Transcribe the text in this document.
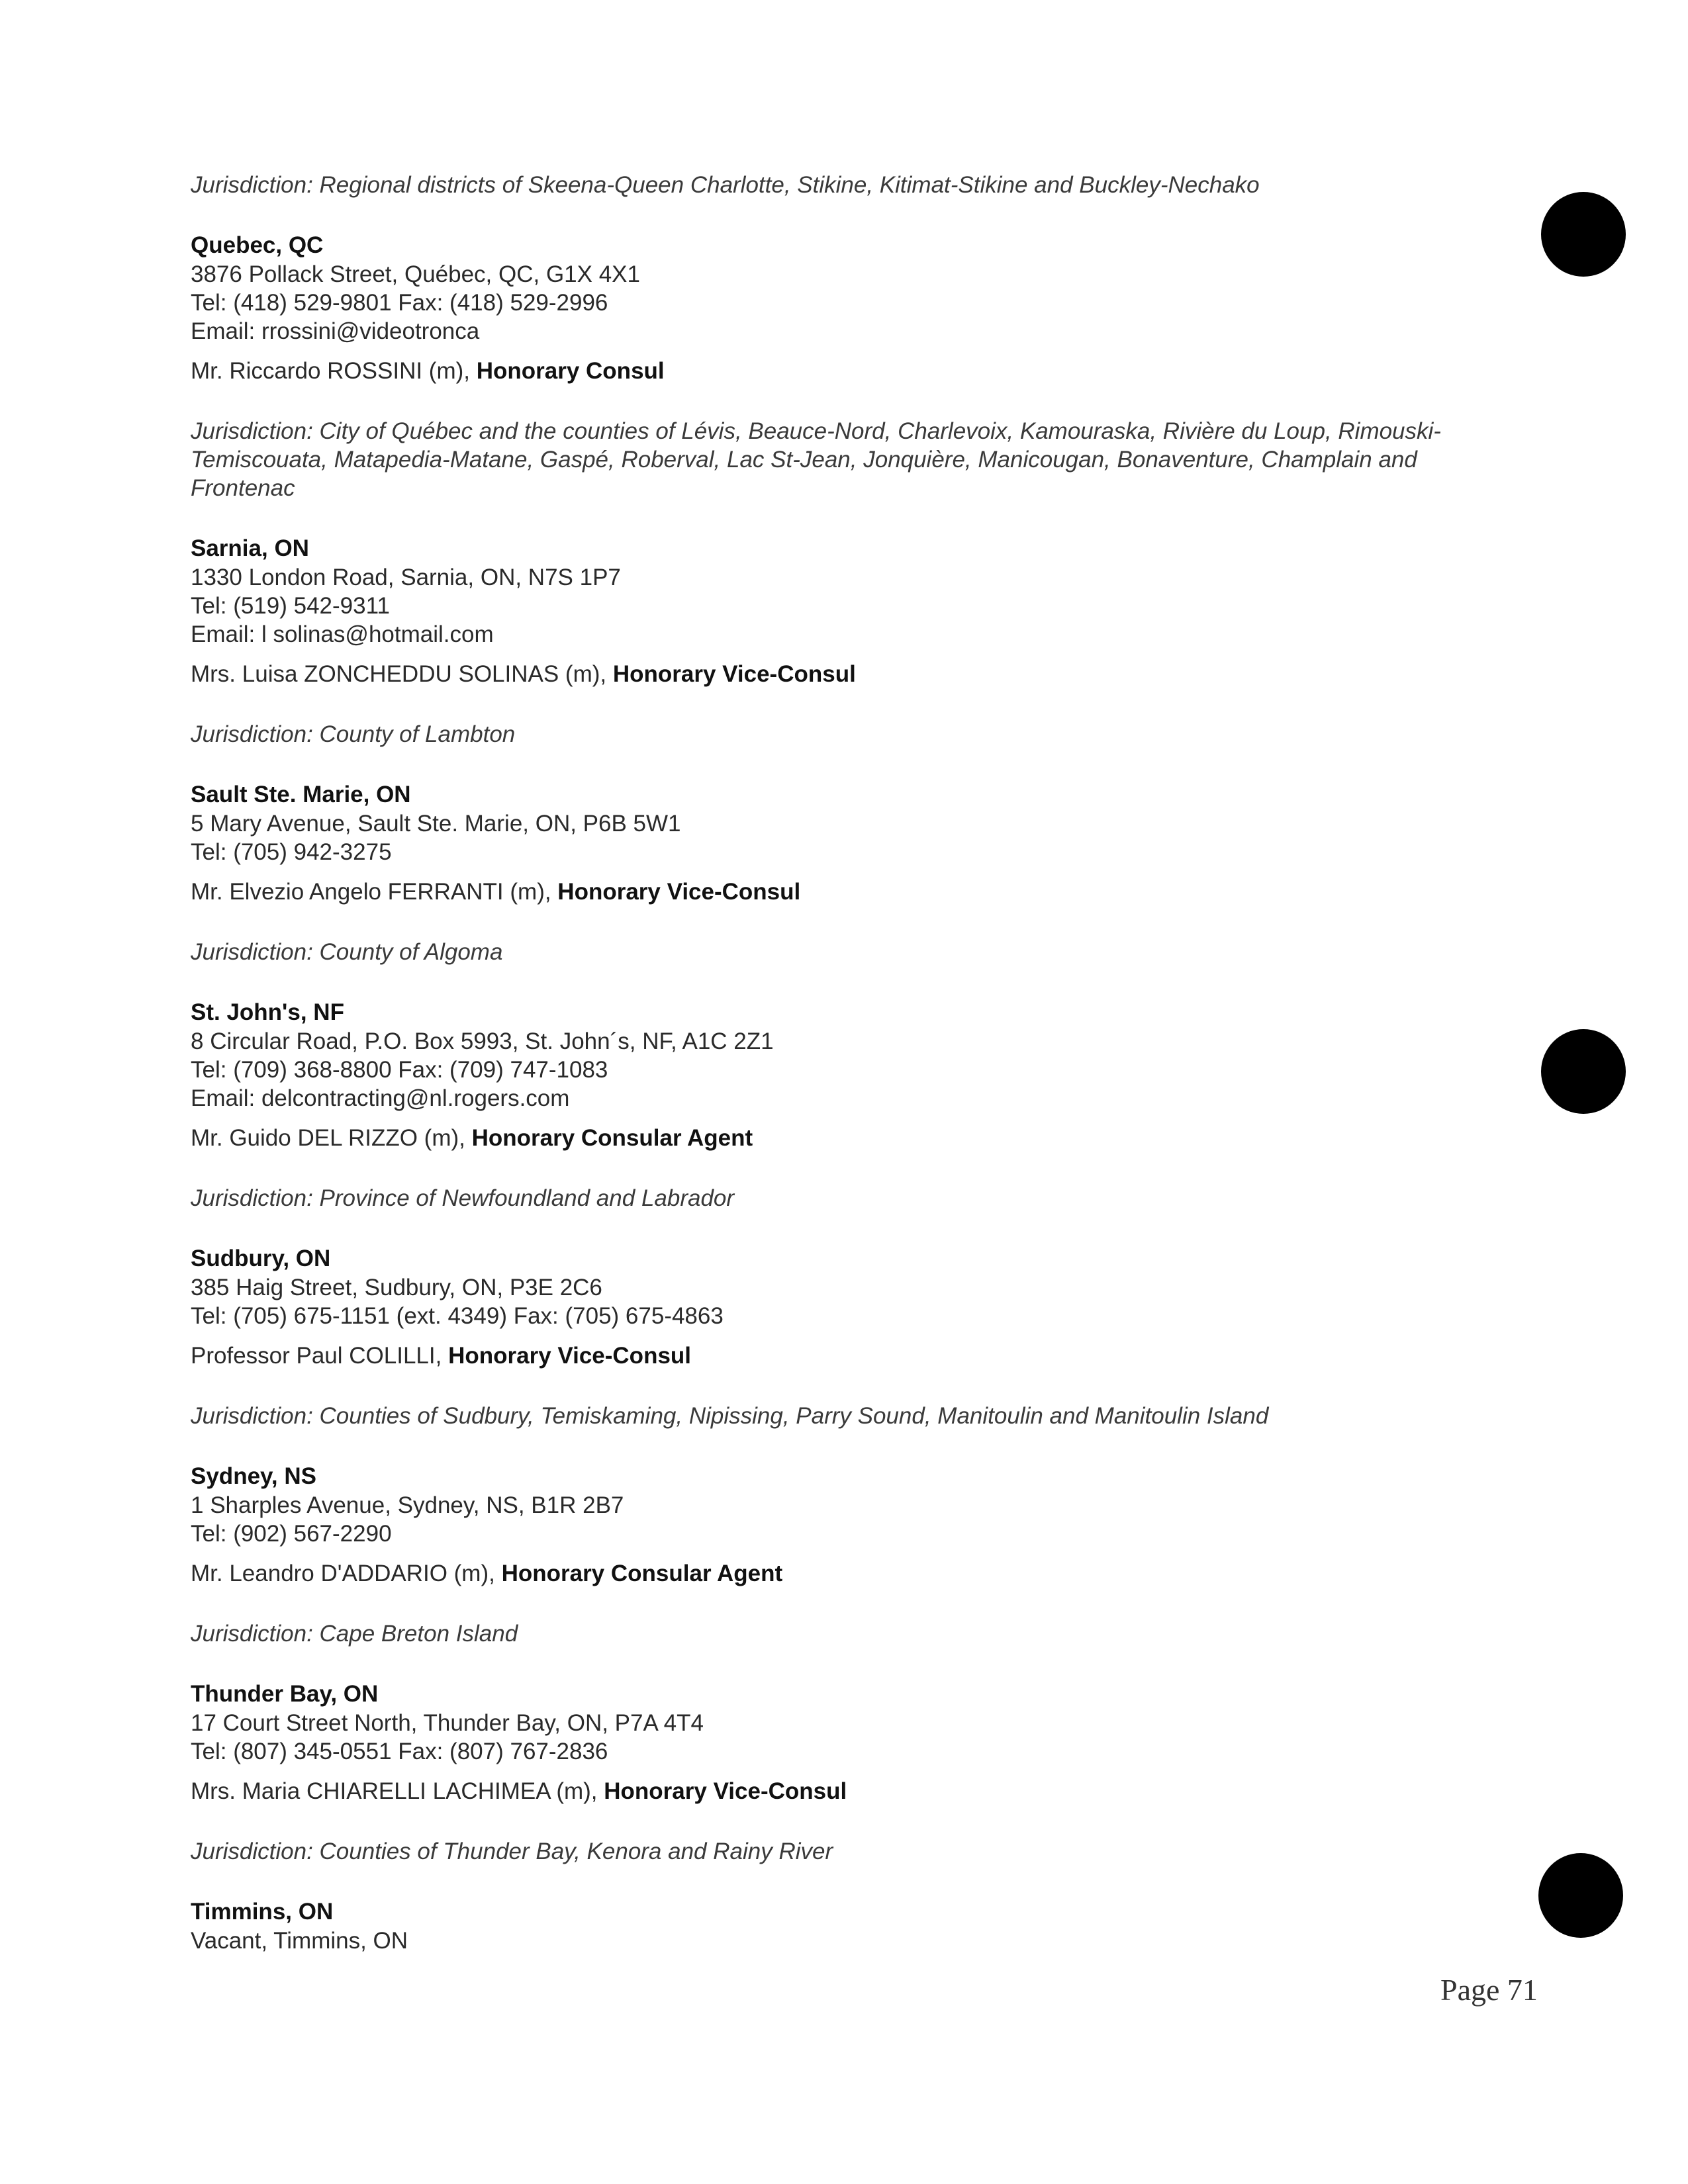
Jurisdiction: Regional districts of Skeena-Queen Charlotte, Stikine, Kitimat-Stikine and Buckley-Nechako
Quebec, QC
3876 Pollack Street, Québec, QC, G1X 4X1
Tel: (418) 529-9801 Fax: (418) 529-2996
Email: rrossini@videotronca
Mr. Riccardo ROSSINI (m), Honorary Consul
Jurisdiction: City of Québec and the counties of Lévis, Beauce-Nord, Charlevoix, Kamouraska, Rivière du Loup, Rimouski-Temiscouata, Matapedia-Matane, Gaspé, Roberval, Lac St-Jean, Jonquière, Manicougan, Bonaventure, Champlain and Frontenac
Sarnia, ON
1330 London Road, Sarnia, ON, N7S 1P7
Tel: (519) 542-9311
Email: l solinas@hotmail.com
Mrs. Luisa ZONCHEDDU SOLINAS (m), Honorary Vice-Consul
Jurisdiction: County of Lambton
Sault Ste. Marie, ON
5 Mary Avenue, Sault Ste. Marie, ON, P6B 5W1
Tel: (705) 942-3275
Mr. Elvezio Angelo FERRANTI (m), Honorary Vice-Consul
Jurisdiction: County of Algoma
St. John's, NF
8 Circular Road, P.O. Box 5993, St. John´s, NF, A1C 2Z1
Tel: (709) 368-8800 Fax: (709) 747-1083
Email: delcontracting@nl.rogers.com
Mr. Guido DEL RIZZO (m), Honorary Consular Agent
Jurisdiction: Province of Newfoundland and Labrador
Sudbury, ON
385 Haig Street, Sudbury, ON, P3E 2C6
Tel: (705) 675-1151 (ext. 4349) Fax: (705) 675-4863
Professor Paul COLILLI, Honorary Vice-Consul
Jurisdiction: Counties of Sudbury, Temiskaming, Nipissing, Parry Sound, Manitoulin and Manitoulin Island
Sydney, NS
1 Sharples Avenue, Sydney, NS, B1R 2B7
Tel: (902) 567-2290
Mr. Leandro D'ADDARIO (m), Honorary Consular Agent
Jurisdiction: Cape Breton Island
Thunder Bay, ON
17 Court Street North, Thunder Bay, ON, P7A 4T4
Tel: (807) 345-0551 Fax: (807) 767-2836
Mrs. Maria CHIARELLI LACHIMEA (m), Honorary Vice-Consul
Jurisdiction: Counties of Thunder Bay, Kenora and Rainy River
Timmins, ON
Vacant, Timmins, ON
Page 71
